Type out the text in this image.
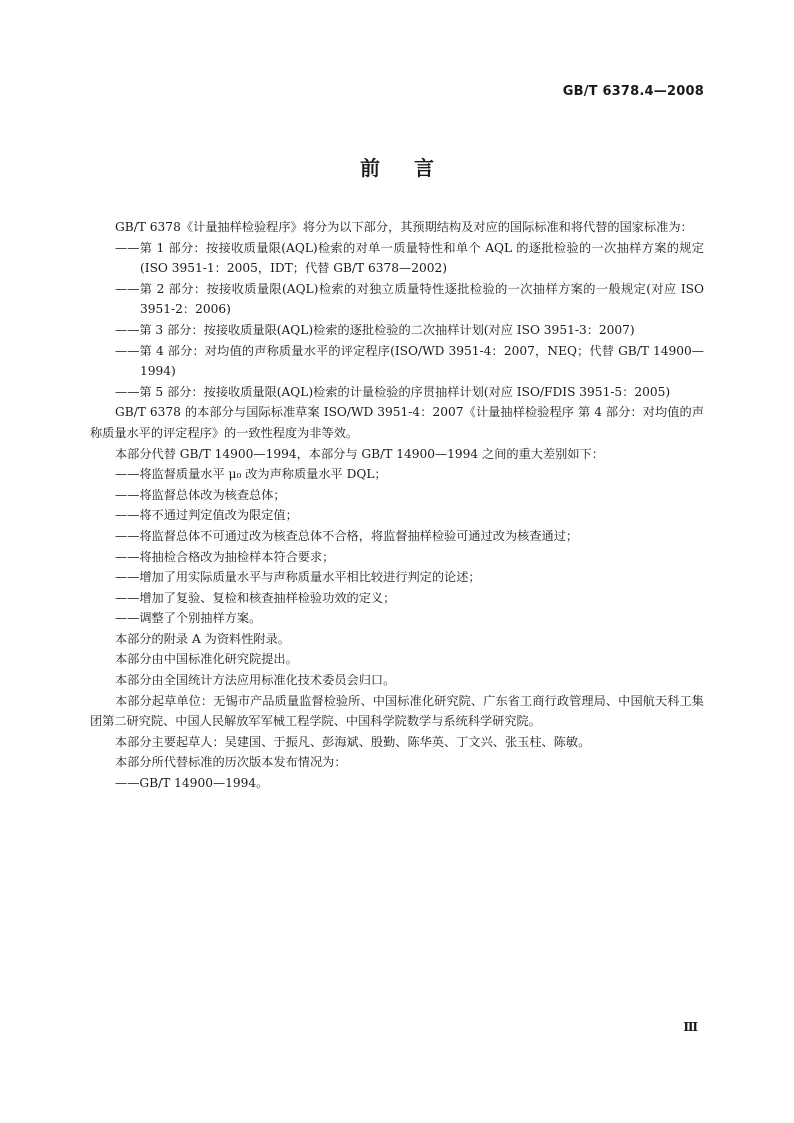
GB/T 6378.4—2008
前言

GB/T 6378《计量抽样检验程序》将分为以下部分，其预期结构及对应的国际标准和将代替的国家标准为：

——第 1 部分：按接收质量限(AQL)检索的对单一质量特性和单个 AQL 的逐批检验的一次抽样方案的规定(ISO 3951-1：2005，IDT；代替 GB/T 6378—2002)

——第 2 部分：按接收质量限(AQL)检索的对独立质量特性逐批检验的一次抽样方案的一般规定(对应 ISO 3951-2：2006)

——第 3 部分：按接收质量限(AQL)检索的逐批检验的二次抽样计划(对应 ISO 3951-3：2007)

——第 4 部分：对均值的声称质量水平的评定程序(ISO/WD 3951-4：2007，NEQ；代替 GB/T 14900—1994)

——第 5 部分：按接收质量限(AQL)检索的计量检验的序贯抽样计划(对应 ISO/FDIS 3951-5：2005)

GB/T 6378 的本部分与国际标准草案 ISO/WD 3951-4：2007《计量抽样检验程序 第 4 部分：对均值的声称质量水平的评定程序》的一致性程度为非等效。

本部分代替 GB/T 14900—1994，本部分与 GB/T 14900—1994 之间的重大差别如下：

——将监督质量水平 μ₀ 改为声称质量水平 DQL；

——将监督总体改为核查总体；

——将不通过判定值改为限定值；

——将监督总体不可通过改为核查总体不合格，将监督抽样检验可通过改为核查通过；

——将抽检合格改为抽检样本符合要求；

——增加了用实际质量水平与声称质量水平相比较进行判定的论述；

——增加了复验、复检和核查抽样检验功效的定义；

——调整了个别抽样方案。

本部分的附录 A 为资料性附录。

本部分由中国标准化研究院提出。

本部分由全国统计方法应用标准化技术委员会归口。

本部分起草单位：无锡市产品质量监督检验所、中国标准化研究院、广东省工商行政管理局、中国航天科工集团第二研究院、中国人民解放军军械工程学院、中国科学院数学与系统科学研究院。

本部分主要起草人：吴建国、于振凡、彭海斌、殷勤、陈华英、丁文兴、张玉柱、陈敏。

本部分所代替标准的历次版本发布情况为：

——GB/T 14900—1994。

Ⅲ
